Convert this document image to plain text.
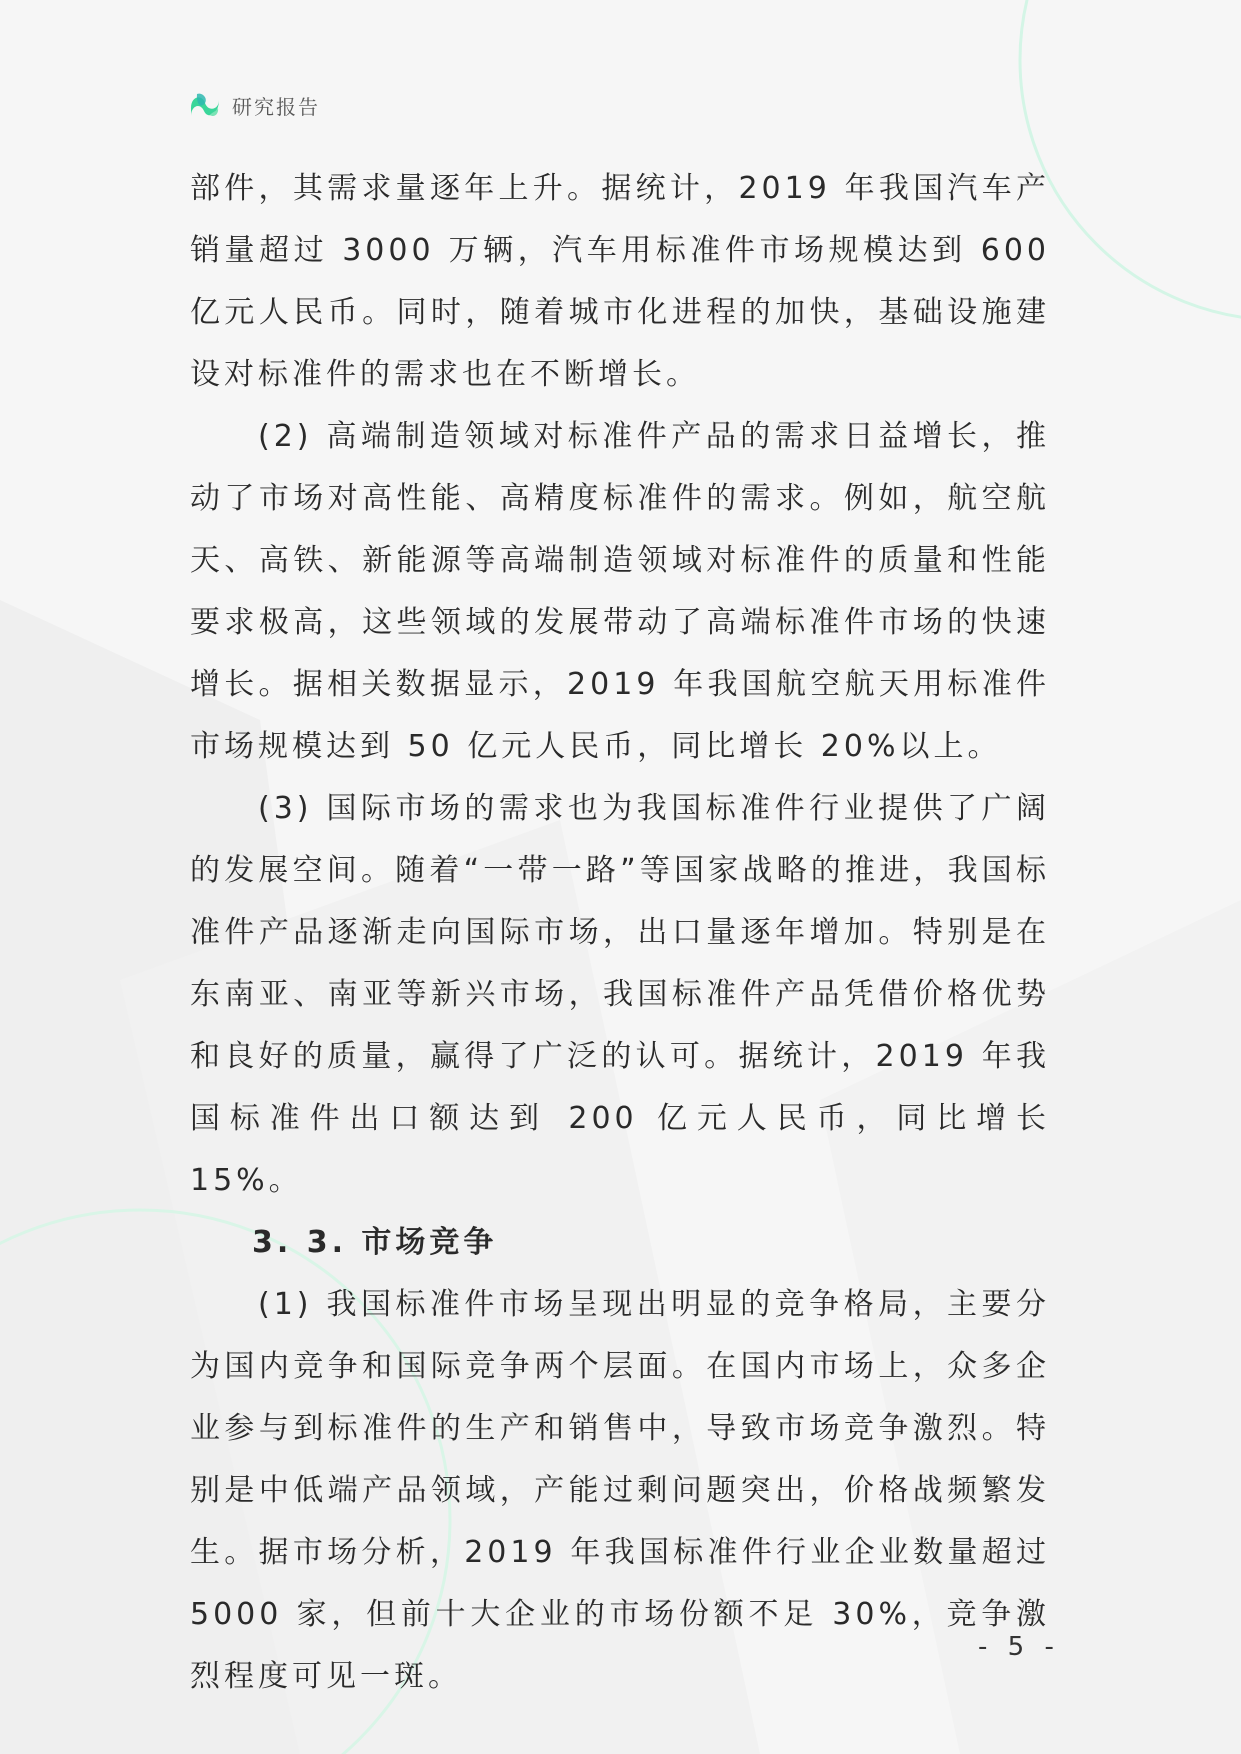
研究报告

部件，其需求量逐年上升。据统计，2019 年我国汽车产销量超过 3000 万辆，汽车用标准件市场规模达到 600 亿元人民币。同时，随着城市化进程的加快，基础设施建设对标准件的需求也在不断增长。

(2) 高端制造领域对标准件产品的需求日益增长，推动了市场对高性能、高精度标准件的需求。例如，航空航天、高铁、新能源等高端制造领域对标准件的质量和性能要求极高，这些领域的发展带动了高端标准件市场的快速增长。据相关数据显示，2019 年我国航空航天用标准件市场规模达到 50 亿元人民币，同比增长 20%以上。

(3) 国际市场的需求也为我国标准件行业提供了广阔的发展空间。随着“一带一路”等国家战略的推进，我国标准件产品逐渐走向国际市场，出口量逐年增加。特别是在东南亚、南亚等新兴市场，我国标准件产品凭借价格优势和良好的质量，赢得了广泛的认可。据统计，2019 年我国标准件出口额达到 200 亿元人民币，同比增长 15%。

3. 3. 市场竞争

(1) 我国标准件市场呈现出明显的竞争格局，主要分为国内竞争和国际竞争两个层面。在国内市场上，众多企业参与到标准件的生产和销售中，导致市场竞争激烈。特别是中低端产品领域，产能过剩问题突出，价格战频繁发生。据市场分析，2019 年我国标准件行业企业数量超过 5000 家，但前十大企业的市场份额不足 30%，竞争激烈程度可见一斑。

- 5 -
